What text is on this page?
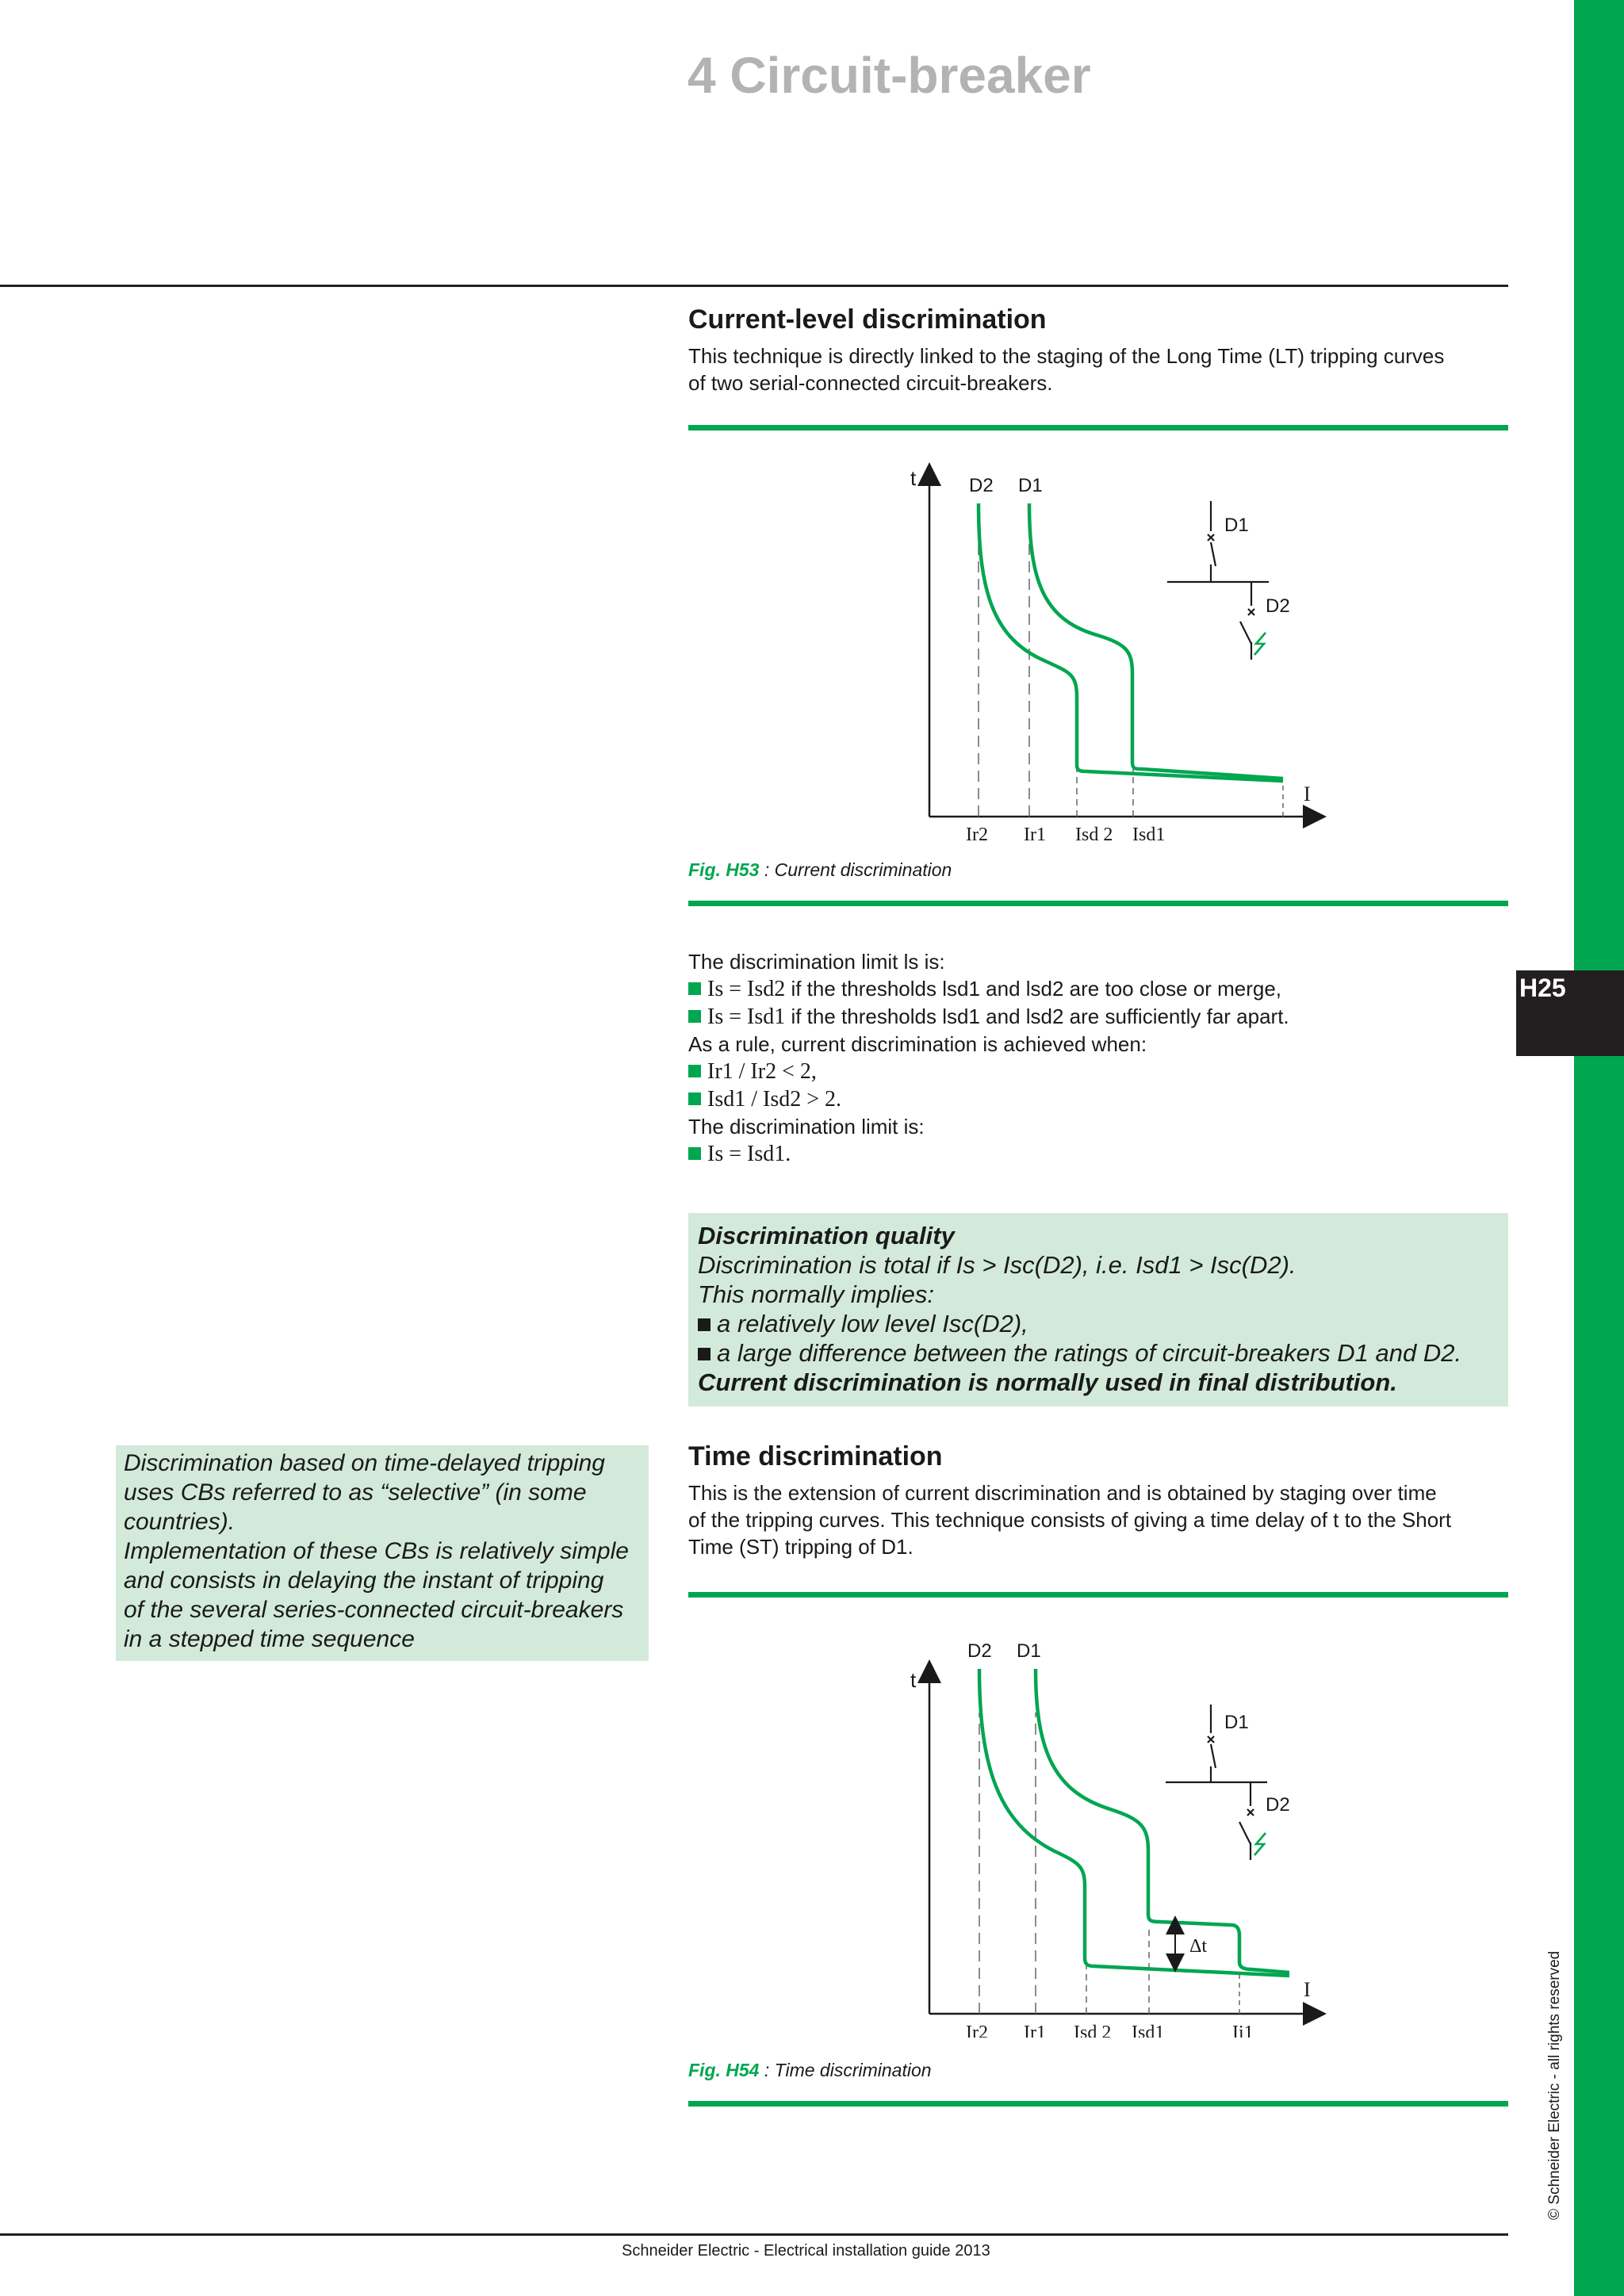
H25
© Schneider Electric - all rights reserved
4 Circuit-breaker
Current-level discrimination

This technique is directly linked to the staging of the Long Time (LT) tripping curves

of two serial-connected circuit-breakers.

t
I
D2 D1
Ir2 Ir1 Isd 2 Isd1
D1
D2
Fig. H53 : Current discrimination

The discrimination limit ls is:

Is = Isd2 if the thresholds lsd1 and lsd2 are too close or merge,

Is = Isd1 if the thresholds lsd1 and lsd2 are sufficiently far apart.

As a rule, current discrimination is achieved when:

Ir1 / Ir2 < 2,

Isd1 / Isd2 > 2.

The discrimination limit is:

Is = Isd1.

Discrimination quality

Discrimination is total if Is > Isc(D2), i.e. Isd1 > Isc(D2).

This normally implies:

a relatively low level Isc(D2),

a large difference between the ratings of circuit-breakers D1 and D2.

Current discrimination is normally used in final distribution.

Discrimination based on time-delayed tripping

uses CBs referred to as “selective” (in some

countries).

Implementation of these CBs is relatively simple

and consists in delaying the instant of tripping

of the several series-connected circuit-breakers

in a stepped time sequence

Time discrimination

This is the extension of current discrimination and is obtained by staging over time

of the tripping curves. This technique consists of giving a time delay of t to the Short

Time (ST) tripping of D1.

t
I
Δt
D2 D1
Ir2 Ir1 Isd 2 Isd1	Ii1
D1
D2
Fig. H54 : Time discrimination
Schneider Electric - Electrical installation guide 2013
